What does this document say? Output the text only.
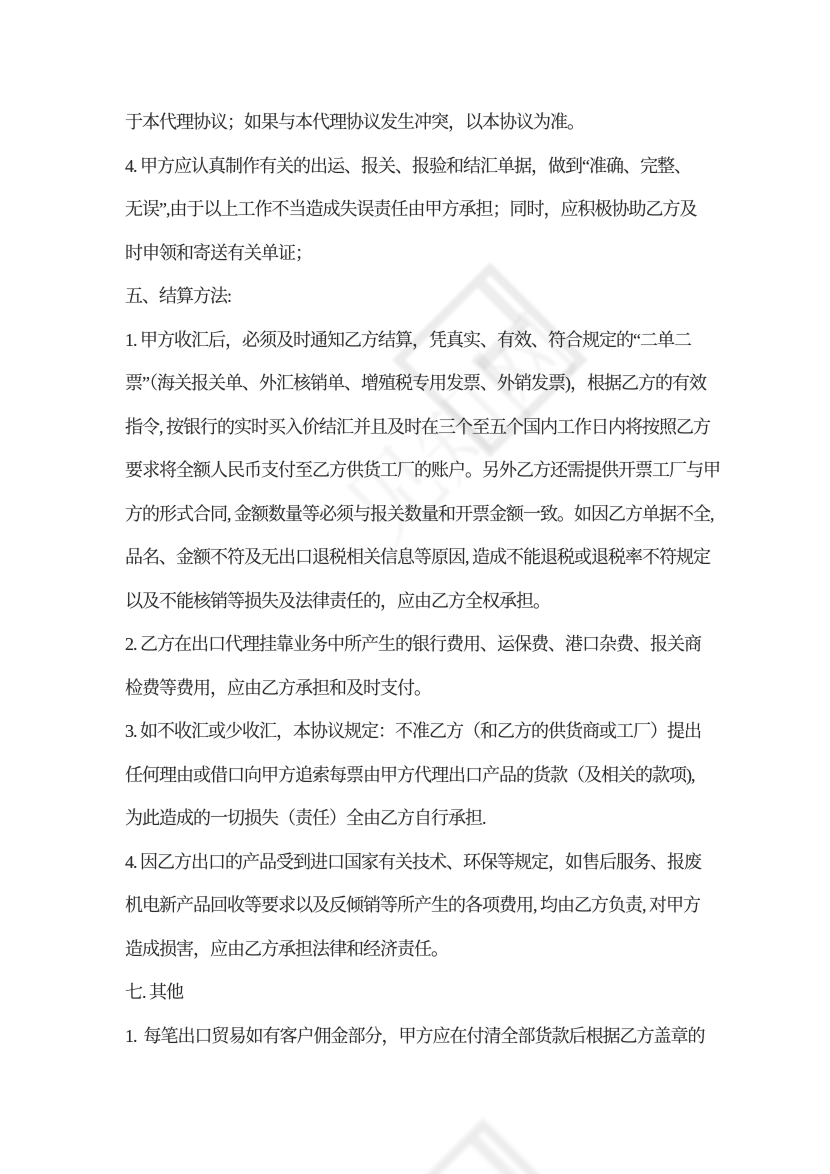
于本代理协议；如果与本代理协议发生冲突，以本协议为准。
4. 甲方应认真制作有关的出运、报关、报验和结汇单据，做到“准确、完整、
无误”,由于以上工作不当造成失误责任由甲方承担；同时，应积极协助乙方及
时申领和寄送有关单证；
五、结算方法:
1. 甲方收汇后，必须及时通知乙方结算，凭真实、有效、符合规定的“二单二
票”（海关报关单、外汇核销单、增殖税专用发票、外销发票)，根据乙方的有效
指令, 按银行的实时买入价结汇并且及时在三个至五个国内工作日内将按照乙方
要求将全额人民币支付至乙方供货工厂的账户。另外乙方还需提供开票工厂与甲
方的形式合同, 金额数量等必须与报关数量和开票金额一致。如因乙方单据不全,
品名、金额不符及无出口退税相关信息等原因, 造成不能退税或退税率不符规定
以及不能核销等损失及法律责任的，应由乙方全权承担。
2. 乙方在出口代理挂靠业务中所产生的银行费用、运保费、港口杂费、报关商
检费等费用，应由乙方承担和及时支付。
3. 如不收汇或少收汇，本协议规定：不准乙方（和乙方的供货商或工厂）提出
任何理由或借口向甲方追索每票由甲方代理出口产品的货款（及相关的款项),
为此造成的一切损失（责任）全由乙方自行承担.
4. 因乙方出口的产品受到进口国家有关技术、环保等规定，如售后服务、报废
机电新产品回收等要求以及反倾销等所产生的各项费用, 均由乙方负责, 对甲方
造成损害，应由乙方承担法律和经济责任。
七. 其他
1.  每笔出口贸易如有客户佣金部分，甲方应在付清全部货款后根据乙方盖章的
